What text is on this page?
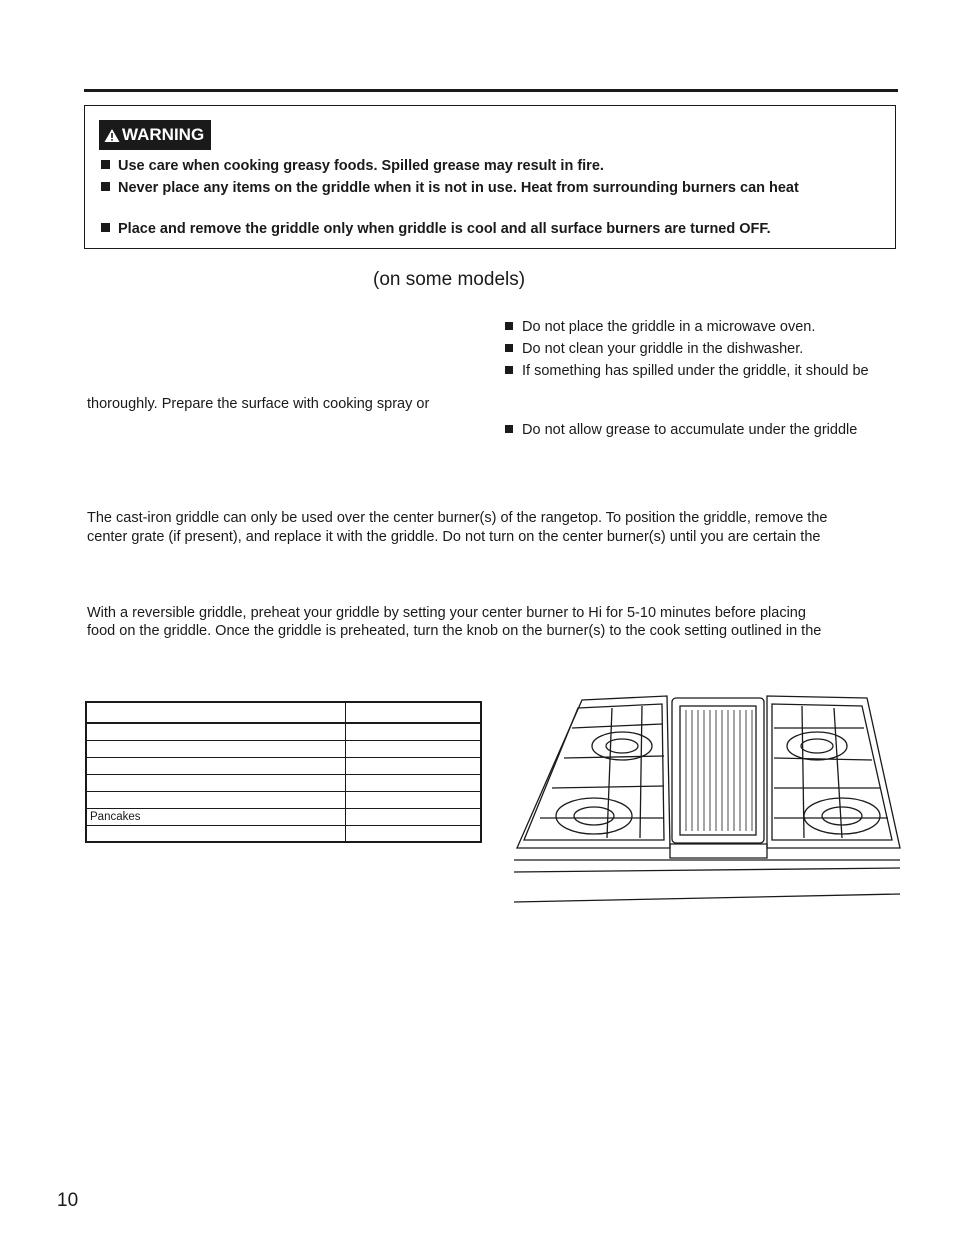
WARNING
Use care when cooking greasy foods. Spilled grease may result in fire.
Never place any items on the griddle when it is not in use. Heat from surrounding burners can heat
Place and remove the griddle only when griddle is cool and all surface burners are turned OFF.
(on some models)
Do not place the griddle in a microwave oven.
Do not clean your griddle in the dishwasher.
If something has spilled under the griddle, it should be
thoroughly. Prepare the surface with cooking spray or
Do not allow grease to accumulate under the griddle
The cast-iron griddle can only be used over the center burner(s) of the rangetop. To position the griddle, remove the
center grate (if present), and replace it with the griddle. Do not turn on the center burner(s) until you are certain the
With a reversible griddle, preheat your griddle by setting your center burner to Hi for 5-10 minutes before placing
food on the griddle. Once the griddle is preheated, turn the knob on the burner(s) to the cook setting outlined in the

Pancakes	

10
